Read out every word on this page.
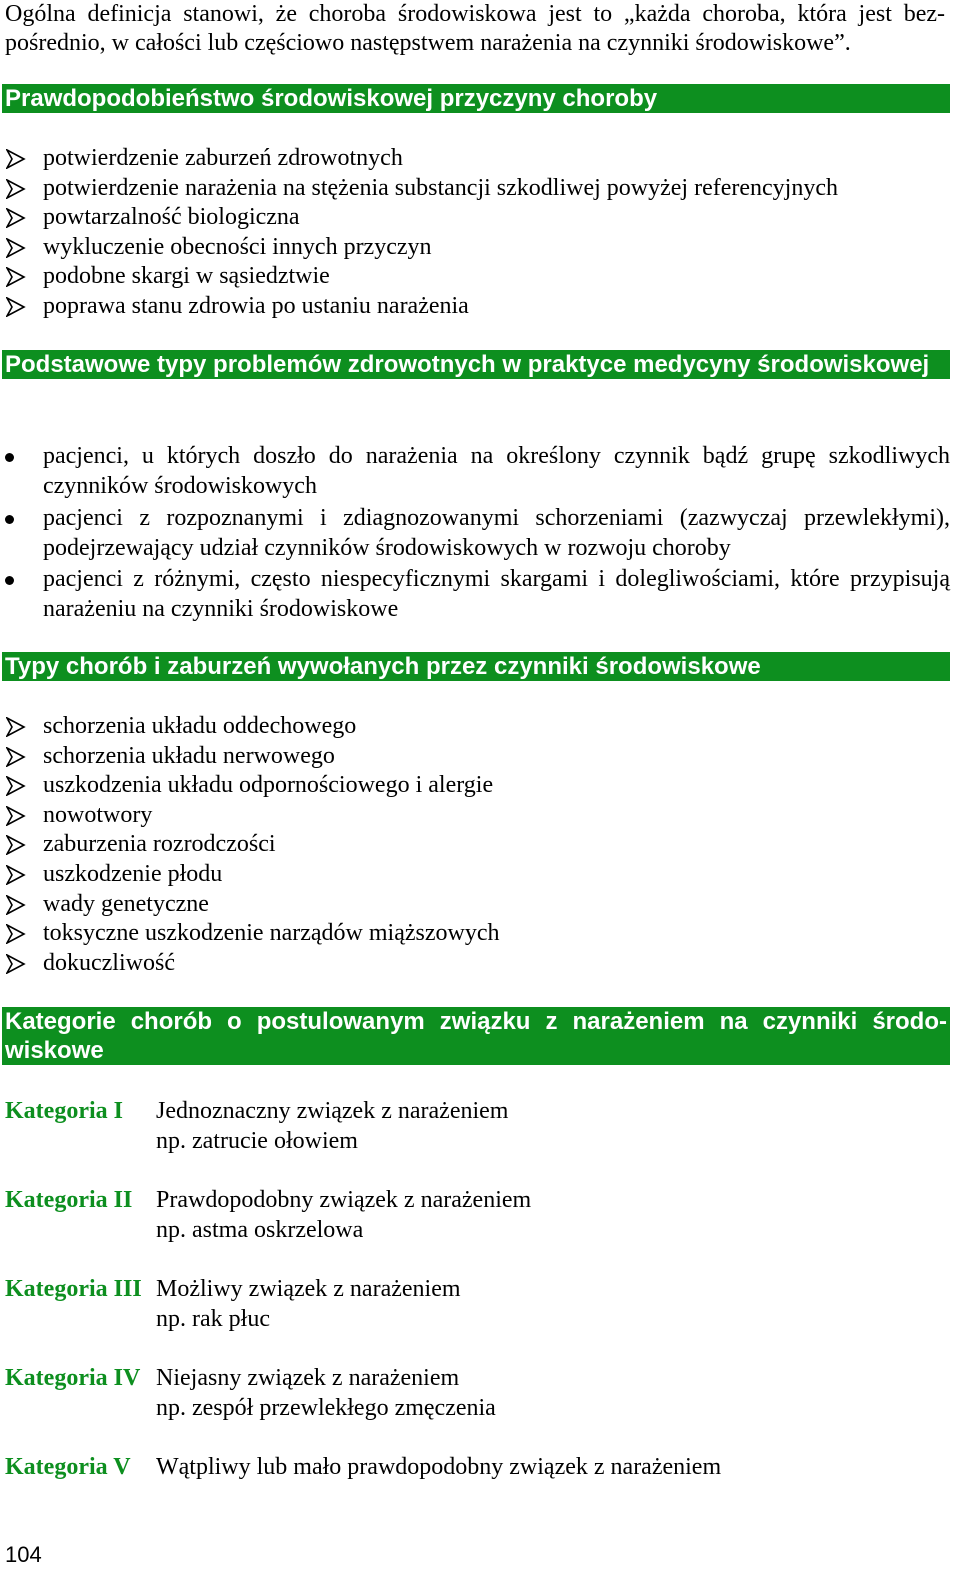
Ogólna definicja stanowi, że choroba środowiskowa jest to „każda choroba, która jest bezpośrednio, w całości lub częściowo następstwem narażenia na czynniki środowiskowe”.

Prawdopodobieństwo środowiskowej przyczyny choroby
potwierdzenie zaburzeń zdrowotnych
potwierdzenie narażenia na stężenia substancji szkodliwej powyżej referencyjnych
powtarzalność biologiczna
wykluczenie obecności innych przyczyn
podobne skargi w sąsiedztwie
poprawa stanu zdrowia po ustaniu narażenia
Podstawowe typy problemów zdrowotnych w praktyce medycyny środowiskowej
pacjenci, u których doszło do narażenia na określony czynnik bądź grupę szkodliwych czynników środowiskowych
pacjenci z rozpoznanymi i zdiagnozowanymi schorzeniami (zazwyczaj przewlekłymi), podejrzewający udział czynników środowiskowych w rozwoju choroby
pacjenci z różnymi, często niespecyficznymi skargami i dolegliwościami, które przypisują narażeniu na czynniki środowiskowe
Typy chorób i zaburzeń wywołanych przez czynniki środowiskowe
schorzenia układu oddechowego
schorzenia układu nerwowego
uszkodzenia układu odpornościowego i alergie
nowotwory
zaburzenia rozrodczości
uszkodzenie płodu
wady genetyczne
toksyczne uszkodzenie narządów miąższowych
dokuczliwość
Kategorie chorób o postulowanym związku z narażeniem na czynniki środowiskowe
Kategoria I Jednoznaczny związek z narażeniem
np. zatrucie ołowiem
Kategoria II Prawdopodobny związek z narażeniem
np. astma oskrzelowa
Kategoria III Możliwy związek z narażeniem
np. rak płuc
Kategoria IV Niejasny związek z narażeniem
np. zespół przewlekłego zmęczenia
Kategoria V Wątpliwy lub mało prawdopodobny związek z narażeniem
104
